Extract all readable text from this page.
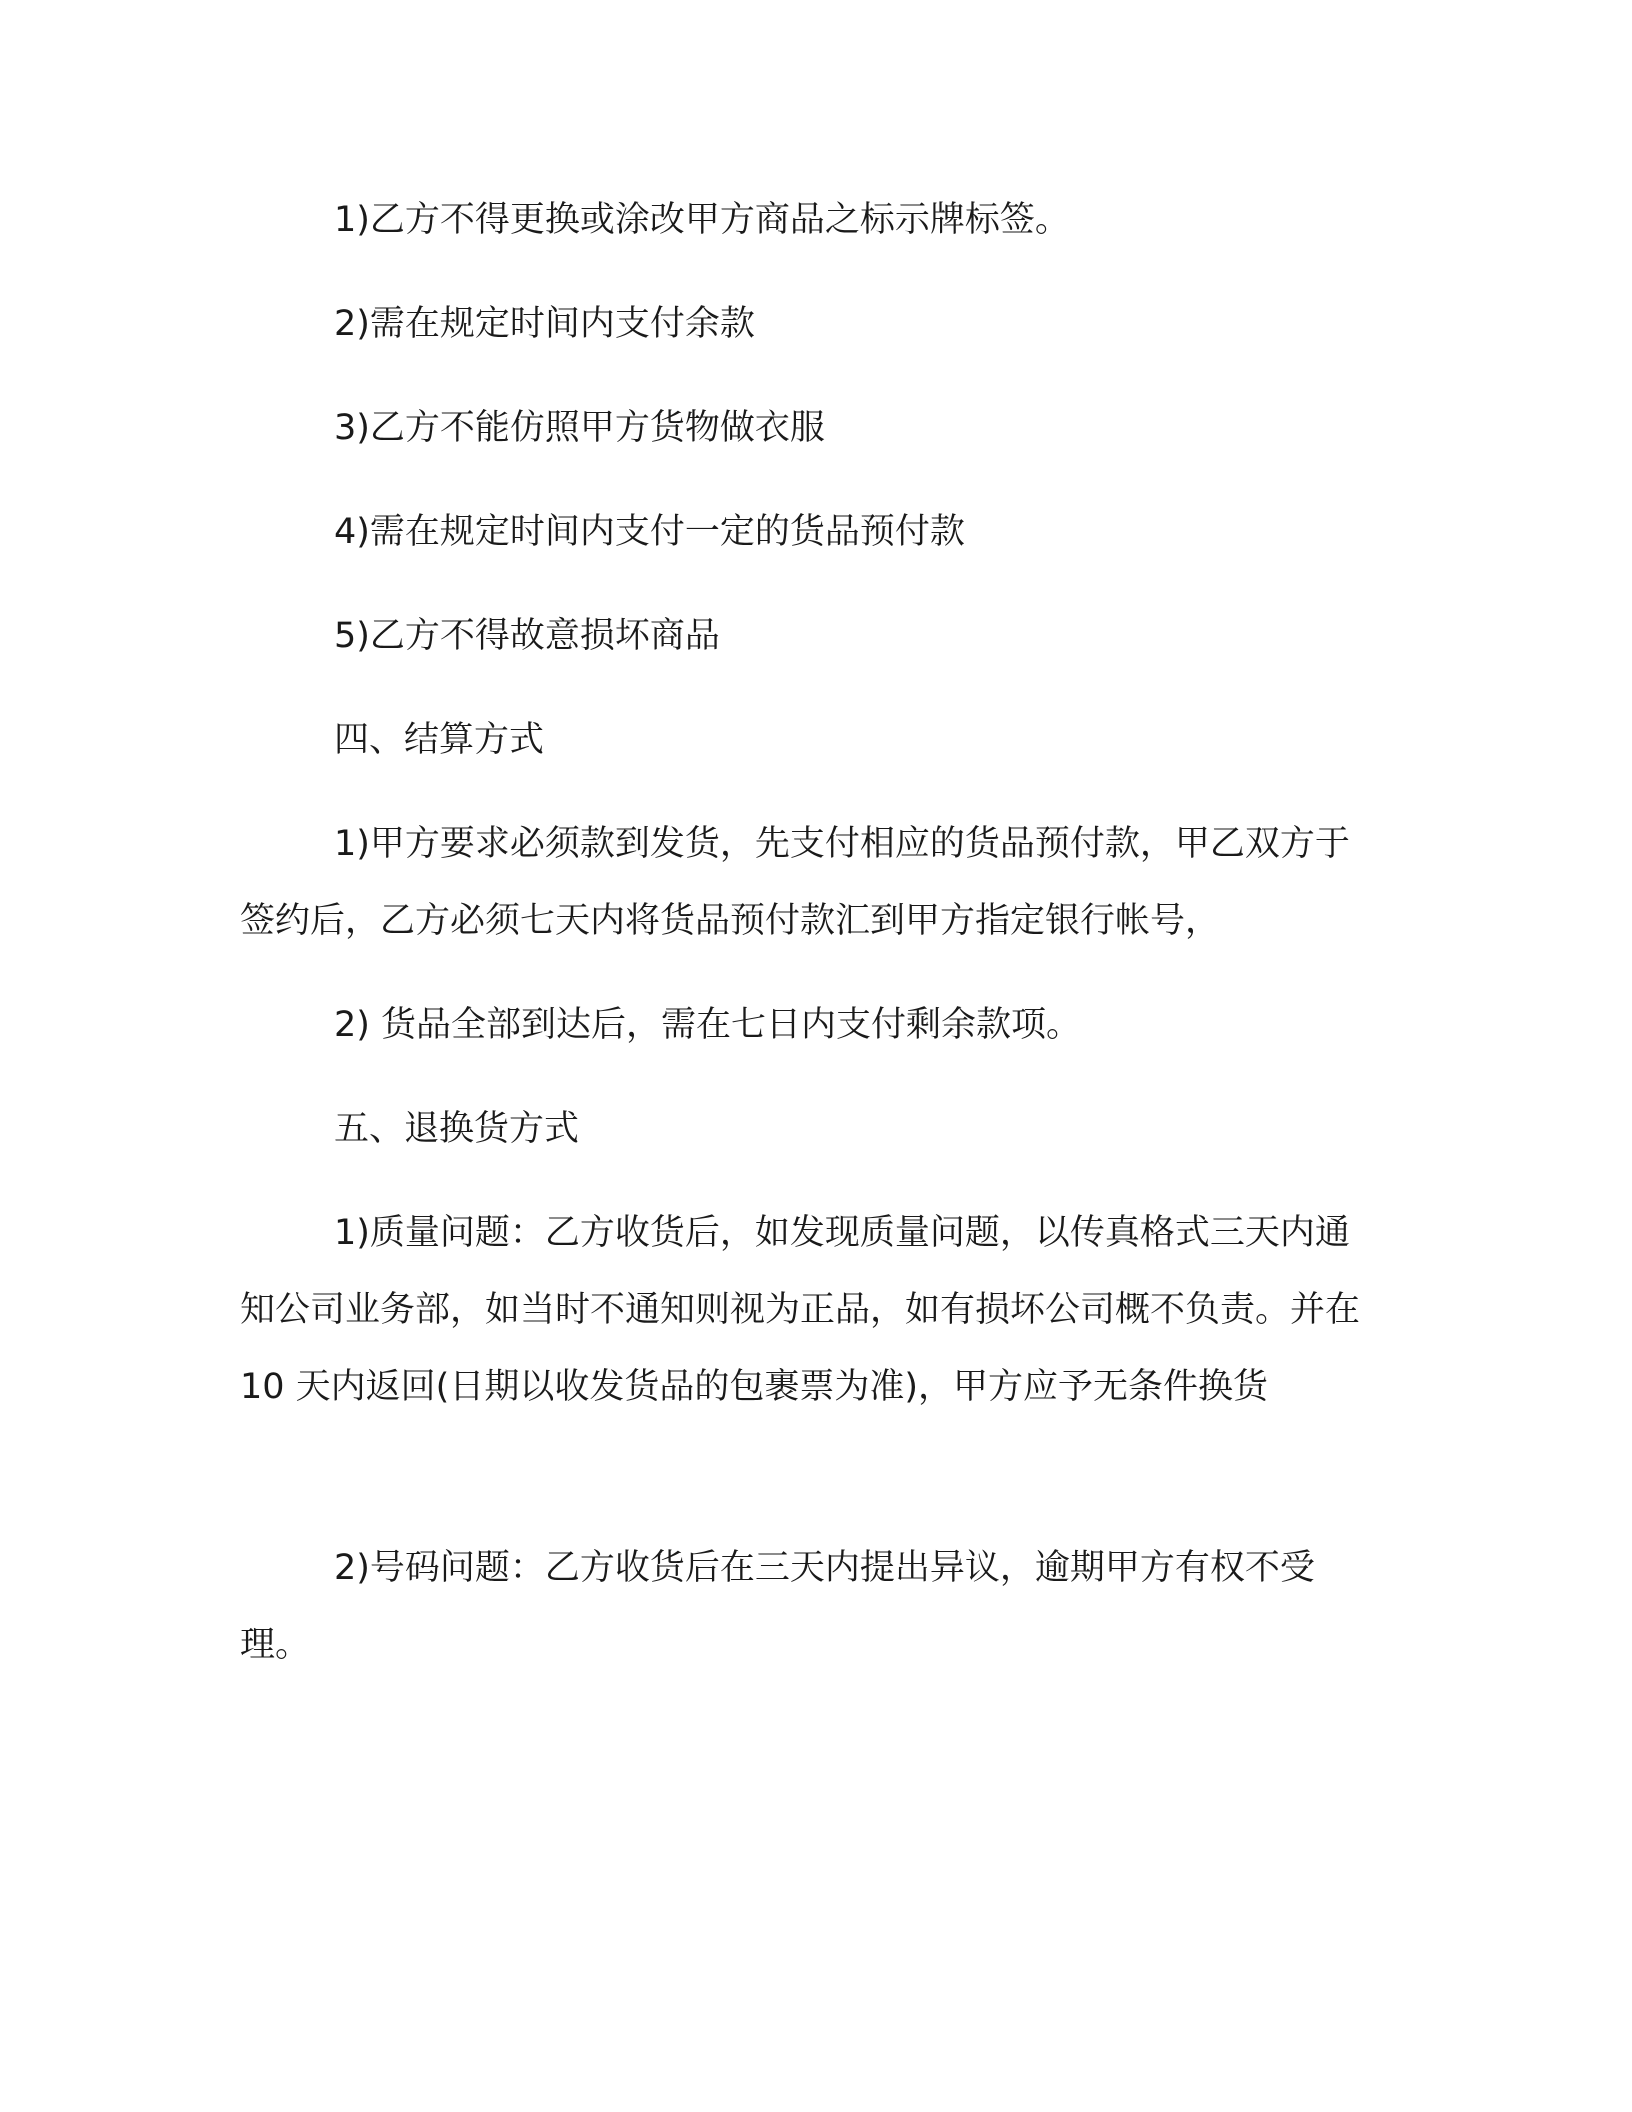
1)乙方不得更换或涂改甲方商品之标示牌标签。
2)需在规定时间内支付余款
3)乙方不能仿照甲方货物做衣服
4)需在规定时间内支付一定的货品预付款
5)乙方不得故意损坏商品
四、结算方式
1)甲方要求必须款到发货，先支付相应的货品预付款，甲乙双方于签约后，乙方必须七天内将货品预付款汇到甲方指定银行帐号，
2) 货品全部到达后，需在七日内支付剩余款项。
五、退换货方式
1)质量问题：乙方收货后，如发现质量问题，以传真格式三天内通知公司业务部，如当时不通知则视为正品，如有损坏公司概不负责。并在 10 天内返回(日期以收发货品的包裹票为准)，甲方应予无条件换货
2)号码问题：乙方收货后在三天内提出异议，逾期甲方有权不受理。
